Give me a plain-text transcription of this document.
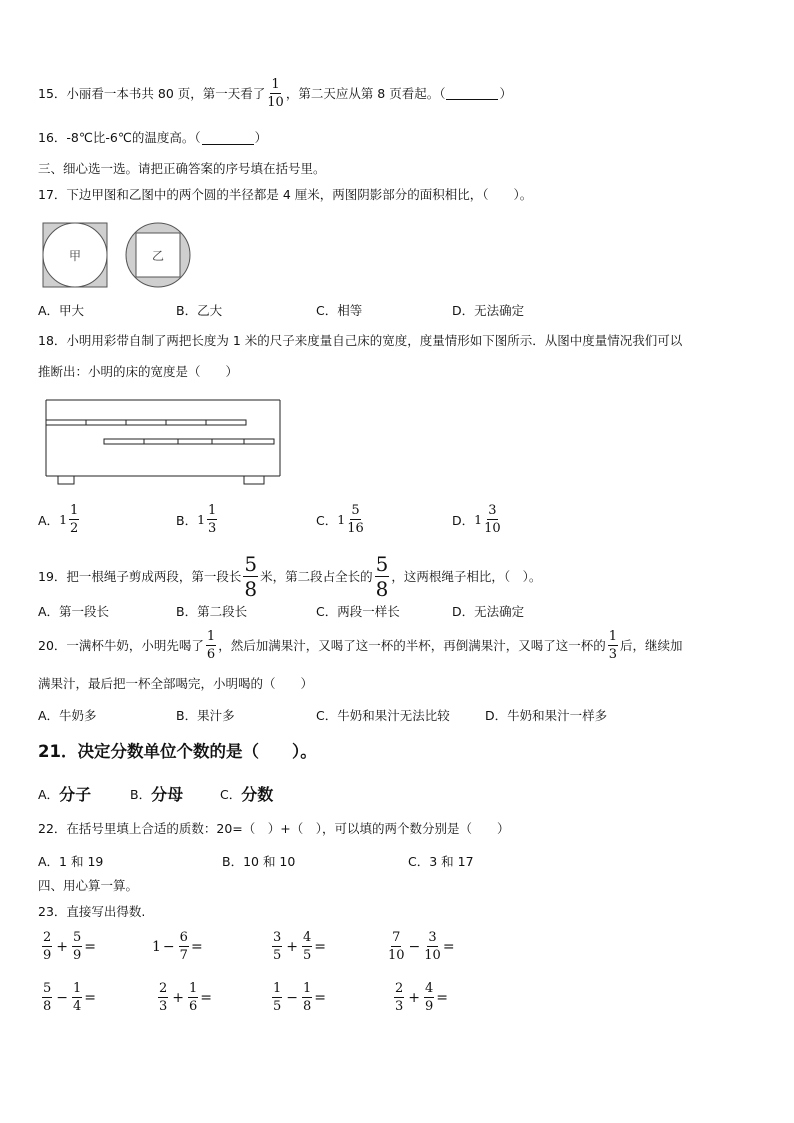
15．小丽看一本书共 80 页，第一天看了 $\frac{1}{10}$ ，第二天应从第 8 页看起。（	）
16．-8℃比-6℃的温度高。（	）
三、细心选一选。请把正确答案的序号填在括号里。
17．下边甲图和乙图中的两个圆的半径都是 4 厘米，两图阴影部分的面积相比，（　　）。
甲	乙
A．甲大	B．乙大	C．相等	D．无法确定
18．小明用彩带自制了两把长度为 1 米的尺子来度量自己床的宽度，度量情形如下图所示．从图中度量情况我们可以
推断出：小明的床的宽度是（　　）
A． $1 \frac{1}{2}$	B． $1 \frac{1}{3}$	C． $1 \frac{5}{16}$	D． $1 \frac{3}{10}$
19．把一根绳子剪成两段，第一段长 $\frac{5}{8}$ 米，第二段占全长的 $\frac{5}{8}$ ，这两根绳子相比，（　）。
A．第一段长	B．第二段长	C．两段一样长	D．无法确定
20．一满杯牛奶，小明先喝了 $\frac{1}{6}$ ，然后加满果汁，又喝了这一杯的半杯，再倒满果汁，又喝了这一杯的 $\frac{1}{3}$ 后，继续加
满果汁，最后把一杯全部喝完，小明喝的（　　）
A．牛奶多	B．果汁多	C．牛奶和果汁无法比较	D．牛奶和果汁一样多
21．决定分数单位个数的是（　　）。
A． 分子	B． 分母	C． 分数
22．在括号里填上合适的质数：20=（　）+（　），可以填的两个数分别是（　　）
A．1 和 19	B．10 和 10	C．3 和 17
四、用心算一算。
23．直接写出得数.
$\frac{2}{9} + \frac{5}{9}$ =	$1 - \frac{6}{7}$ =	$\frac{3}{5} + \frac{4}{5}$ =	$\frac{7}{10} - \frac{3}{10}$ =
$\frac{5}{8} - \frac{1}{4}$ =	$\frac{2}{3} + \frac{1}{6}$ =	$\frac{1}{5} - \frac{1}{8}$ =	$\frac{2}{3} + \frac{4}{9}$ =
